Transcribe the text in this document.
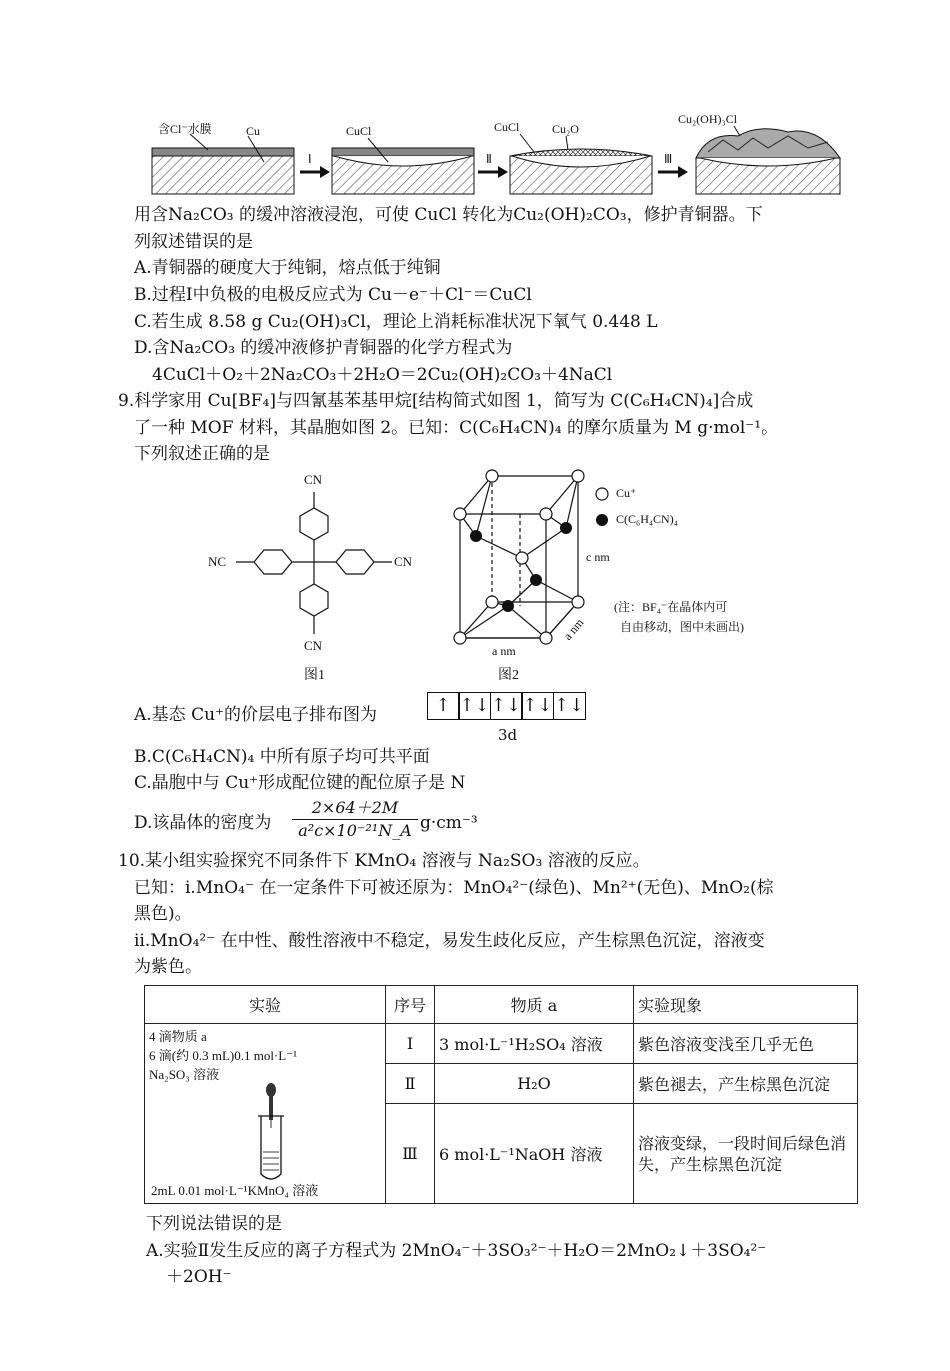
含Cl⁻水膜	Cu	CuCl	CuCl	Cu₂O
Cu₂(OH)₃Cl
Ⅰ	Ⅱ	Ⅲ
用含Na₂CO₃ 的缓冲溶液浸泡，可使 CuCl 转化为Cu₂(OH)₂CO₃，修护青铜器。下
列叙述错误的是
A.青铜器的硬度大于纯铜，熔点低于纯铜
B.过程Ⅰ中负极的电极反应式为 Cu－e⁻＋Cl⁻＝CuCl
C.若生成 8.58 g Cu₂(OH)₃Cl，理论上消耗标准状况下氧气 0.448 L
D.含Na₂CO₃ 的缓冲液修护青铜器的化学方程式为
4CuCl＋O₂＋2Na₂CO₃＋2H₂O＝2Cu₂(OH)₂CO₃＋4NaCl
9.科学家用 Cu[BF₄]与四氰基苯基甲烷[结构简式如图 1，简写为 C(C₆H₄CN)₄]合成
了一种 MOF 材料，其晶胞如图 2。已知：C(C₆H₄CN)₄ 的摩尔质量为 M g·mol⁻¹。
下列叙述正确的是
CN
CN
NC	CN
图1
Cu⁺
C(C₆H₄CN)₄
c nm
a nm
a nm
(注：BF₄⁻在晶体内可
自由移动，图中未画出)
图2
A.基态 Cu⁺的价层电子排布图为	↑ ↑↓↑↓↑↓↑↓
3d
B.C(C₆H₄CN)₄ 中所有原子均可共平面
C.晶胞中与 Cu⁺形成配位键的配位原子是 N
D.该晶体的密度为 $\frac{2\times 64+2M}{\text{a²c×10⁻²¹N\_A}} g\cdot cm^{-3}$
10.某小组实验探究不同条件下 KMnO₄ 溶液与 Na₂SO₃ 溶液的反应。
已知：ⅰ.MnO₄⁻ 在一定条件下可被还原为：MnO₄²⁻(绿色)、Mn²⁺(无色)、MnO₂(棕
黑色)。
ⅱ.MnO₄²⁻ 在中性、酸性溶液中不稳定，易发生歧化反应，产生棕黑色沉淀，溶液变
为紫色。
实验	序号	物质 a	实验现象

4 滴物质 a
6 滴(约 0.3 mL)0.1 mol·L⁻¹
Na₂SO₃ 溶液
2mL 0.01 mol·L⁻¹KMnO₄ 溶液	Ⅰ	3 mol·L⁻¹H₂SO₄ 溶液	紫色溶液变浅至几乎无色
	Ⅱ	H₂O	紫色褪去，产生棕黑色沉淀
	Ⅲ	6 mol·L⁻¹NaOH 溶液	溶液变绿，一段时间后绿色消失，产生棕黑色沉淀
下列说法错误的是
A.实验Ⅱ发生反应的离子方程式为 2MnO₄⁻＋3SO₃²⁻＋H₂O＝2MnO₂↓＋3SO₄²⁻
＋2OH⁻
